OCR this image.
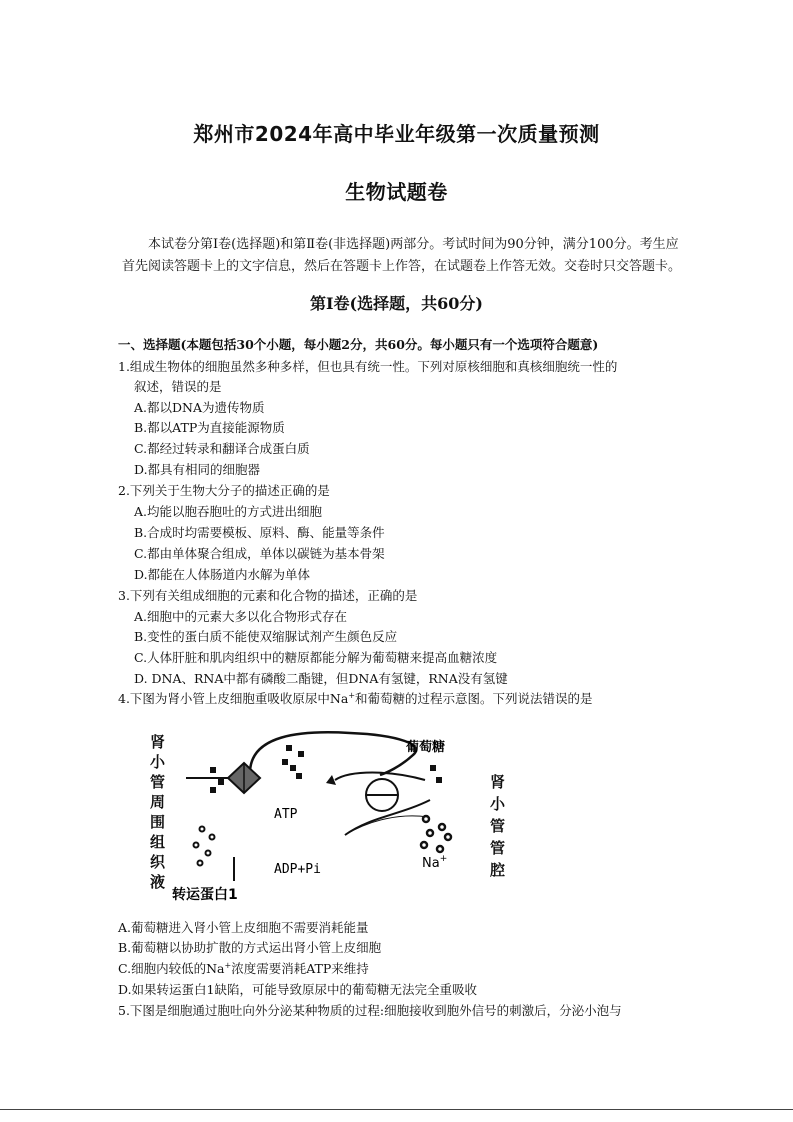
郑州市2024年高中毕业年级第一次质量预测
生物试题卷
本试卷分第Ⅰ卷(选择题)和第Ⅱ卷(非选择题)两部分。考试时间为90分钟，满分100分。考生应首先阅读答题卡上的文字信息，然后在答题卡上作答，在试题卷上作答无效。交卷时只交答题卡。
第Ⅰ卷(选择题，共60分)
一、选择题(本题包括30个小题，每小题2分，共60分。每小题只有一个选项符合题意)
1.组成生物体的细胞虽然多种多样，但也具有统一性。下列对原核细胞和真核细胞统一性的
叙述，错误的是
A.都以DNA为遗传物质
B.都以ATP为直接能源物质
C.都经过转录和翻译合成蛋白质
D.都具有相同的细胞器
2.下列关于生物大分子的描述正确的是
A.均能以胞吞胞吐的方式进出细胞
B.合成时均需要模板、原料、酶、能量等条件
C.都由单体聚合组成，单体以碳链为基本骨架
D.都能在人体肠道内水解为单体
3.下列有关组成细胞的元素和化合物的描述，正确的是
A.细胞中的元素大多以化合物形式存在
B.变性的蛋白质不能使双缩脲试剂产生颜色反应
C.人体肝脏和肌肉组织中的糖原都能分解为葡萄糖来提高血糖浓度
D. DNA、RNA中都有磷酸二酯键，但DNA有氢键，RNA没有氢键
4.下图为肾小管上皮细胞重吸收原尿中Na+和葡萄糖的过程示意图。下列说法错误的是
肾小管周围组织液
肾小管管腔
葡萄糖
ATP
ADP+Pi	Na+
转运蛋白1
A.葡萄糖进入肾小管上皮细胞不需要消耗能量
B.葡萄糖以协助扩散的方式运出肾小管上皮细胞
C.细胞内较低的Na+浓度需要消耗ATP来维持
D.如果转运蛋白1缺陷，可能导致原尿中的葡萄糖无法完全重吸收
5.下图是细胞通过胞吐向外分泌某种物质的过程:细胞接收到胞外信号的刺激后，分泌小泡与
